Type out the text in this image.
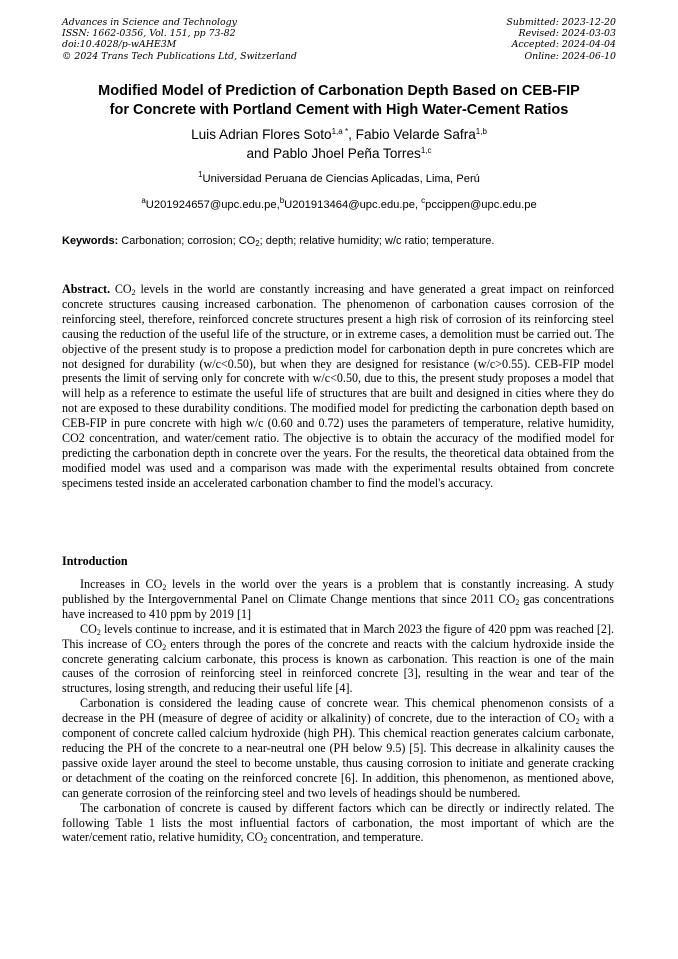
Advances in Science and Technology
ISSN: 1662-0356, Vol. 151, pp 73-82
doi:10.4028/p-wAHE3M
© 2024 Trans Tech Publications Ltd, Switzerland
Submitted: 2023-12-20
Revised: 2024-03-03
Accepted: 2024-04-04
Online: 2024-06-10
Modified Model of Prediction of Carbonation Depth Based on CEB-FIP
for Concrete with Portland Cement with High Water-Cement Ratios
Luis Adrian Flores Soto$^{1,a *}$, Fabio Velarde Safra$^{1,b}$
and Pablo Jhoel Peña Torres$^{1,c}$
$^1$Universidad Peruana de Ciencias Aplicadas, Lima, Perú
$^a$U201924657@upc.edu.pe,$^b$U201913464@upc.edu.pe, $^c$pccippen@upc.edu.pe
Keywords: Carbonation; corrosion; $CO_2$; depth; relative humidity; w/c ratio; temperature.
Abstract. $CO_2$ levels in the world are constantly increasing and have generated a great impact on reinforced concrete structures causing increased carbonation. The phenomenon of carbonation causes corrosion of the reinforcing steel, therefore, reinforced concrete structures present a high risk of corrosion of its reinforcing steel causing the reduction of the useful life of the structure, or in extreme cases, a demolition must be carried out. The objective of the present study is to propose a prediction model for carbonation depth in pure concretes which are not designed for durability (w/c<0.50), but when they are designed for resistance (w/c>0.55). CEB-FIP model presents the limit of serving only for concrete with w/c<0.50, due to this, the present study proposes a model that will help as a reference to estimate the useful life of structures that are built and designed in cities where they do not are exposed to these durability conditions. The modified model for predicting the carbonation depth based on CEB-FIP in pure concrete with high w/c (0.60 and 0.72) uses the parameters of temperature, relative humidity, CO2 concentration, and water/cement ratio. The objective is to obtain the accuracy of the modified model for predicting the carbonation depth in concrete over the years. For the results, the theoretical data obtained from the modified model was used and a comparison was made with the experimental results obtained from concrete specimens tested inside an accelerated carbonation chamber to find the model's accuracy.
Introduction

Increases in $CO_2$ levels in the world over the years is a problem that is constantly increasing. A study published by the Intergovernmental Panel on Climate Change mentions that since 2011 $CO_2$ gas concentrations have increased to 410 ppm by 2019 [1]

$CO_2$ levels continue to increase, and it is estimated that in March 2023 the figure of 420 ppm was reached [2]. This increase of $CO_2$ enters through the pores of the concrete and reacts with the calcium hydroxide inside the concrete generating calcium carbonate, this process is known as carbonation. This reaction is one of the main causes of the corrosion of reinforcing steel in reinforced concrete [3], resulting in the wear and tear of the structures, losing strength, and reducing their useful life [4].

Carbonation is considered the leading cause of concrete wear. This chemical phenomenon consists of a decrease in the PH (measure of degree of acidity or alkalinity) of concrete, due to the interaction of $CO_2$ with a component of concrete called calcium hydroxide (high PH). This chemical reaction generates calcium carbonate, reducing the PH of the concrete to a near-neutral one (PH below 9.5) [5]. This decrease in alkalinity causes the passive oxide layer around the steel to become unstable, thus causing corrosion to initiate and generate cracking or detachment of the coating on the reinforced concrete [6]. In addition, this phenomenon, as mentioned above, can generate corrosion of the reinforcing steel and two levels of headings should be numbered.

The carbonation of concrete is caused by different factors which can be directly or indirectly related. The following Table 1 lists the most influential factors of carbonation, the most important of which are the water/cement ratio, relative humidity, $CO_2$ concentration, and temperature.
